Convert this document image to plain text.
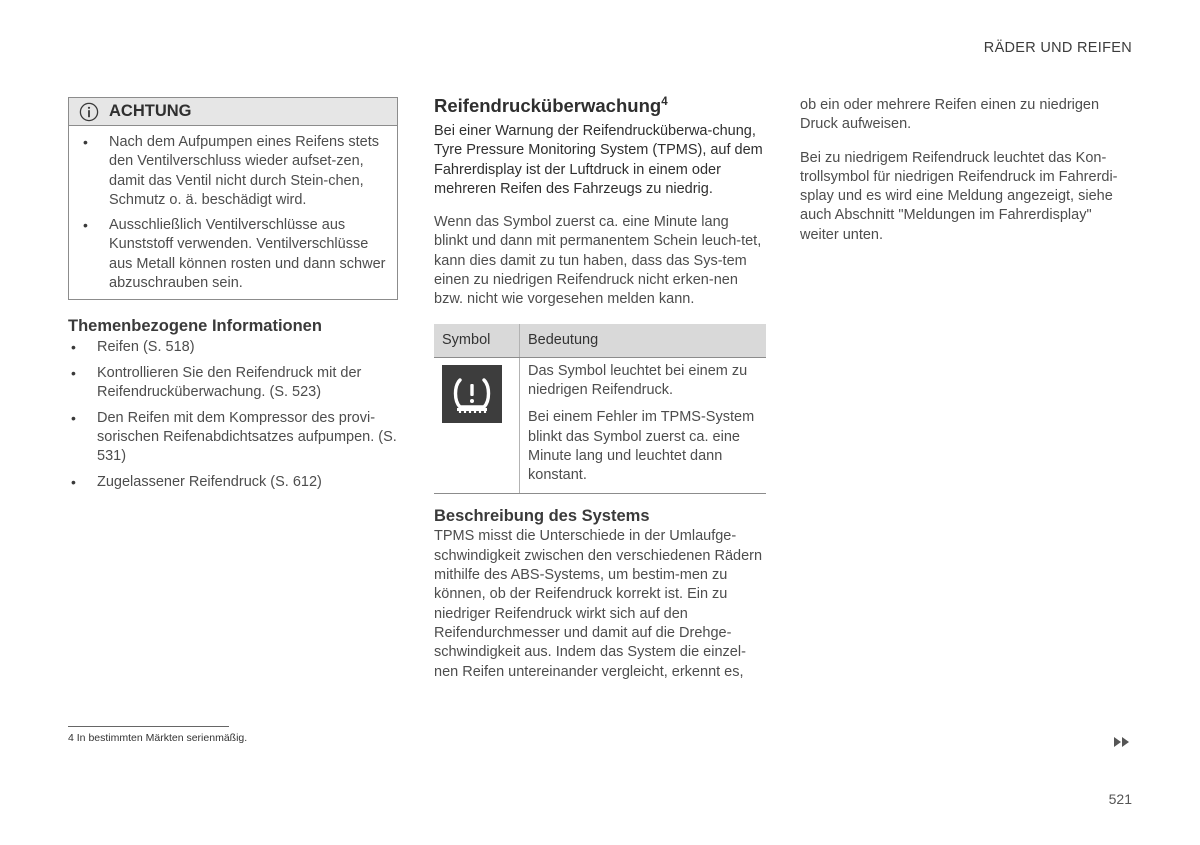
RÄDER UND REIFEN
ACHTUNG
• Nach dem Aufpumpen eines Reifens stets den Ventilverschluss wieder aufset-zen, damit das Ventil nicht durch Stein-chen, Schmutz o. ä. beschädigt wird.
• Ausschließlich Ventilverschlüsse aus Kunststoff verwenden. Ventilverschlüsse aus Metall können rosten und dann schwer abzuschrauben sein.
Themenbezogene Informationen
• Reifen (S. 518)
• Kontrollieren Sie den Reifendruck mit der Reifendrucküberwachung. (S. 523)
• Den Reifen mit dem Kompressor des provi-sorischen Reifenabdichtsatzes aufpumpen. (S. 531)
• Zugelassener Reifendruck (S. 612)
Reifendrucküberwachung$^4$

Bei einer Warnung der Reifendrucküberwa-chung, Tyre Pressure Monitoring System (TPMS), auf dem Fahrerdisplay ist der Luftdruck in einem oder mehreren Reifen des Fahrzeugs zu niedrig.

Wenn das Symbol zuerst ca. eine Minute lang blinkt und dann mit permanentem Schein leuch-tet, kann dies damit zu tun haben, dass das Sys-tem einen zu niedrigen Reifendruck nicht erken-nen bzw. nicht wie vorgesehen melden kann.

Symbol	Bedeutung

Das Symbol leuchtet bei einem zu niedrigen Reifendruck.
Bei einem Fehler im TPMS-System blinkt das Symbol zuerst ca. eine Minute lang und leuchtet dann konstant.
Beschreibung des Systems

TPMS misst die Unterschiede in der Umlaufge-schwindigkeit zwischen den verschiedenen Rädern mithilfe des ABS-Systems, um bestim-men zu können, ob der Reifendruck korrekt ist. Ein zu niedriger Reifendruck wirkt sich auf den Reifendurchmesser und damit auf die Drehge-schwindigkeit aus. Indem das System die einzel-nen Reifen untereinander vergleicht, erkennt es,

ob ein oder mehrere Reifen einen zu niedrigen Druck aufweisen.

Bei zu niedrigem Reifendruck leuchtet das Kon-trollsymbol für niedrigen Reifendruck im Fahrerdi-splay und es wird eine Meldung angezeigt, siehe auch Abschnitt "Meldungen im Fahrerdisplay" weiter unten.

4 In bestimmten Märkten serienmäßig.
521
